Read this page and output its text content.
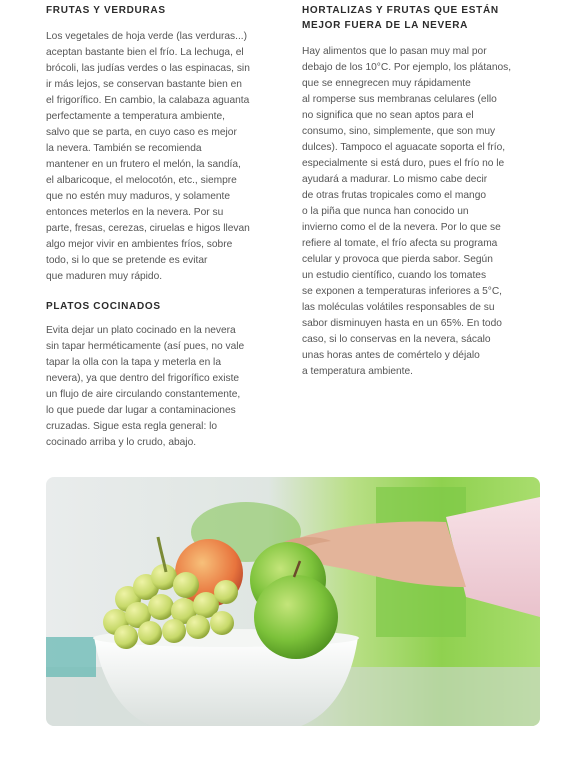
FRUTAS Y VERDURAS

Los vegetales de hoja verde (las verduras...)
aceptan bastante bien el frío. La lechuga, el
brócoli, las judías verdes o las espinacas, sin
ir más lejos, se conservan bastante bien en
el frigorífico. En cambio, la calabaza aguanta
perfectamente a temperatura ambiente,
salvo que se parta, en cuyo caso es mejor
la nevera. También se recomienda
mantener en un frutero el melón, la sandía,
el albaricoque, el melocotón, etc., siempre
que no estén muy maduros, y solamente
entonces meterlos en la nevera. Por su
parte, fresas, cerezas, ciruelas e higos llevan
algo mejor vivir en ambientes fríos, sobre
todo, si lo que se pretende es evitar
que maduren muy rápido.

PLATOS COCINADOS

Evita dejar un plato cocinado en la nevera
sin tapar herméticamente (así pues, no vale
tapar la olla con la tapa y meterla en la
nevera), ya que dentro del frigorífico existe
un flujo de aire circulando constantemente,
lo que puede dar lugar a contaminaciones
cruzadas. Sigue esta regla general: lo
cocinado arriba y lo crudo, abajo.
HORTALIZAS Y FRUTAS QUE ESTÁN
MEJOR FUERA DE LA NEVERA
Hay alimentos que lo pasan muy mal por
debajo de los 10°C. Por ejemplo, los plátanos,
que se ennegrecen muy rápidamente
al romperse sus membranas celulares (ello
no significa que no sean aptos para el
consumo, sino, simplemente, que son muy
dulces). Tampoco el aguacate soporta el frío,
especialmente si está duro, pues el frío no le
ayudará a madurar. Lo mismo cabe decir
de otras frutas tropicales como el mango
o la piña que nunca han conocido un
invierno como el de la nevera. Por lo que se
refiere al tomate, el frío afecta su programa
celular y provoca que pierda sabor. Según
un estudio científico, cuando los tomates
se exponen a temperaturas inferiores a 5°C,
las moléculas volátiles responsables de su
sabor disminuyen hasta en un 65%. En todo
caso, si lo conservas en la nevera, sácalo
unas horas antes de comértelo y déjalo
a temperatura ambiente.
